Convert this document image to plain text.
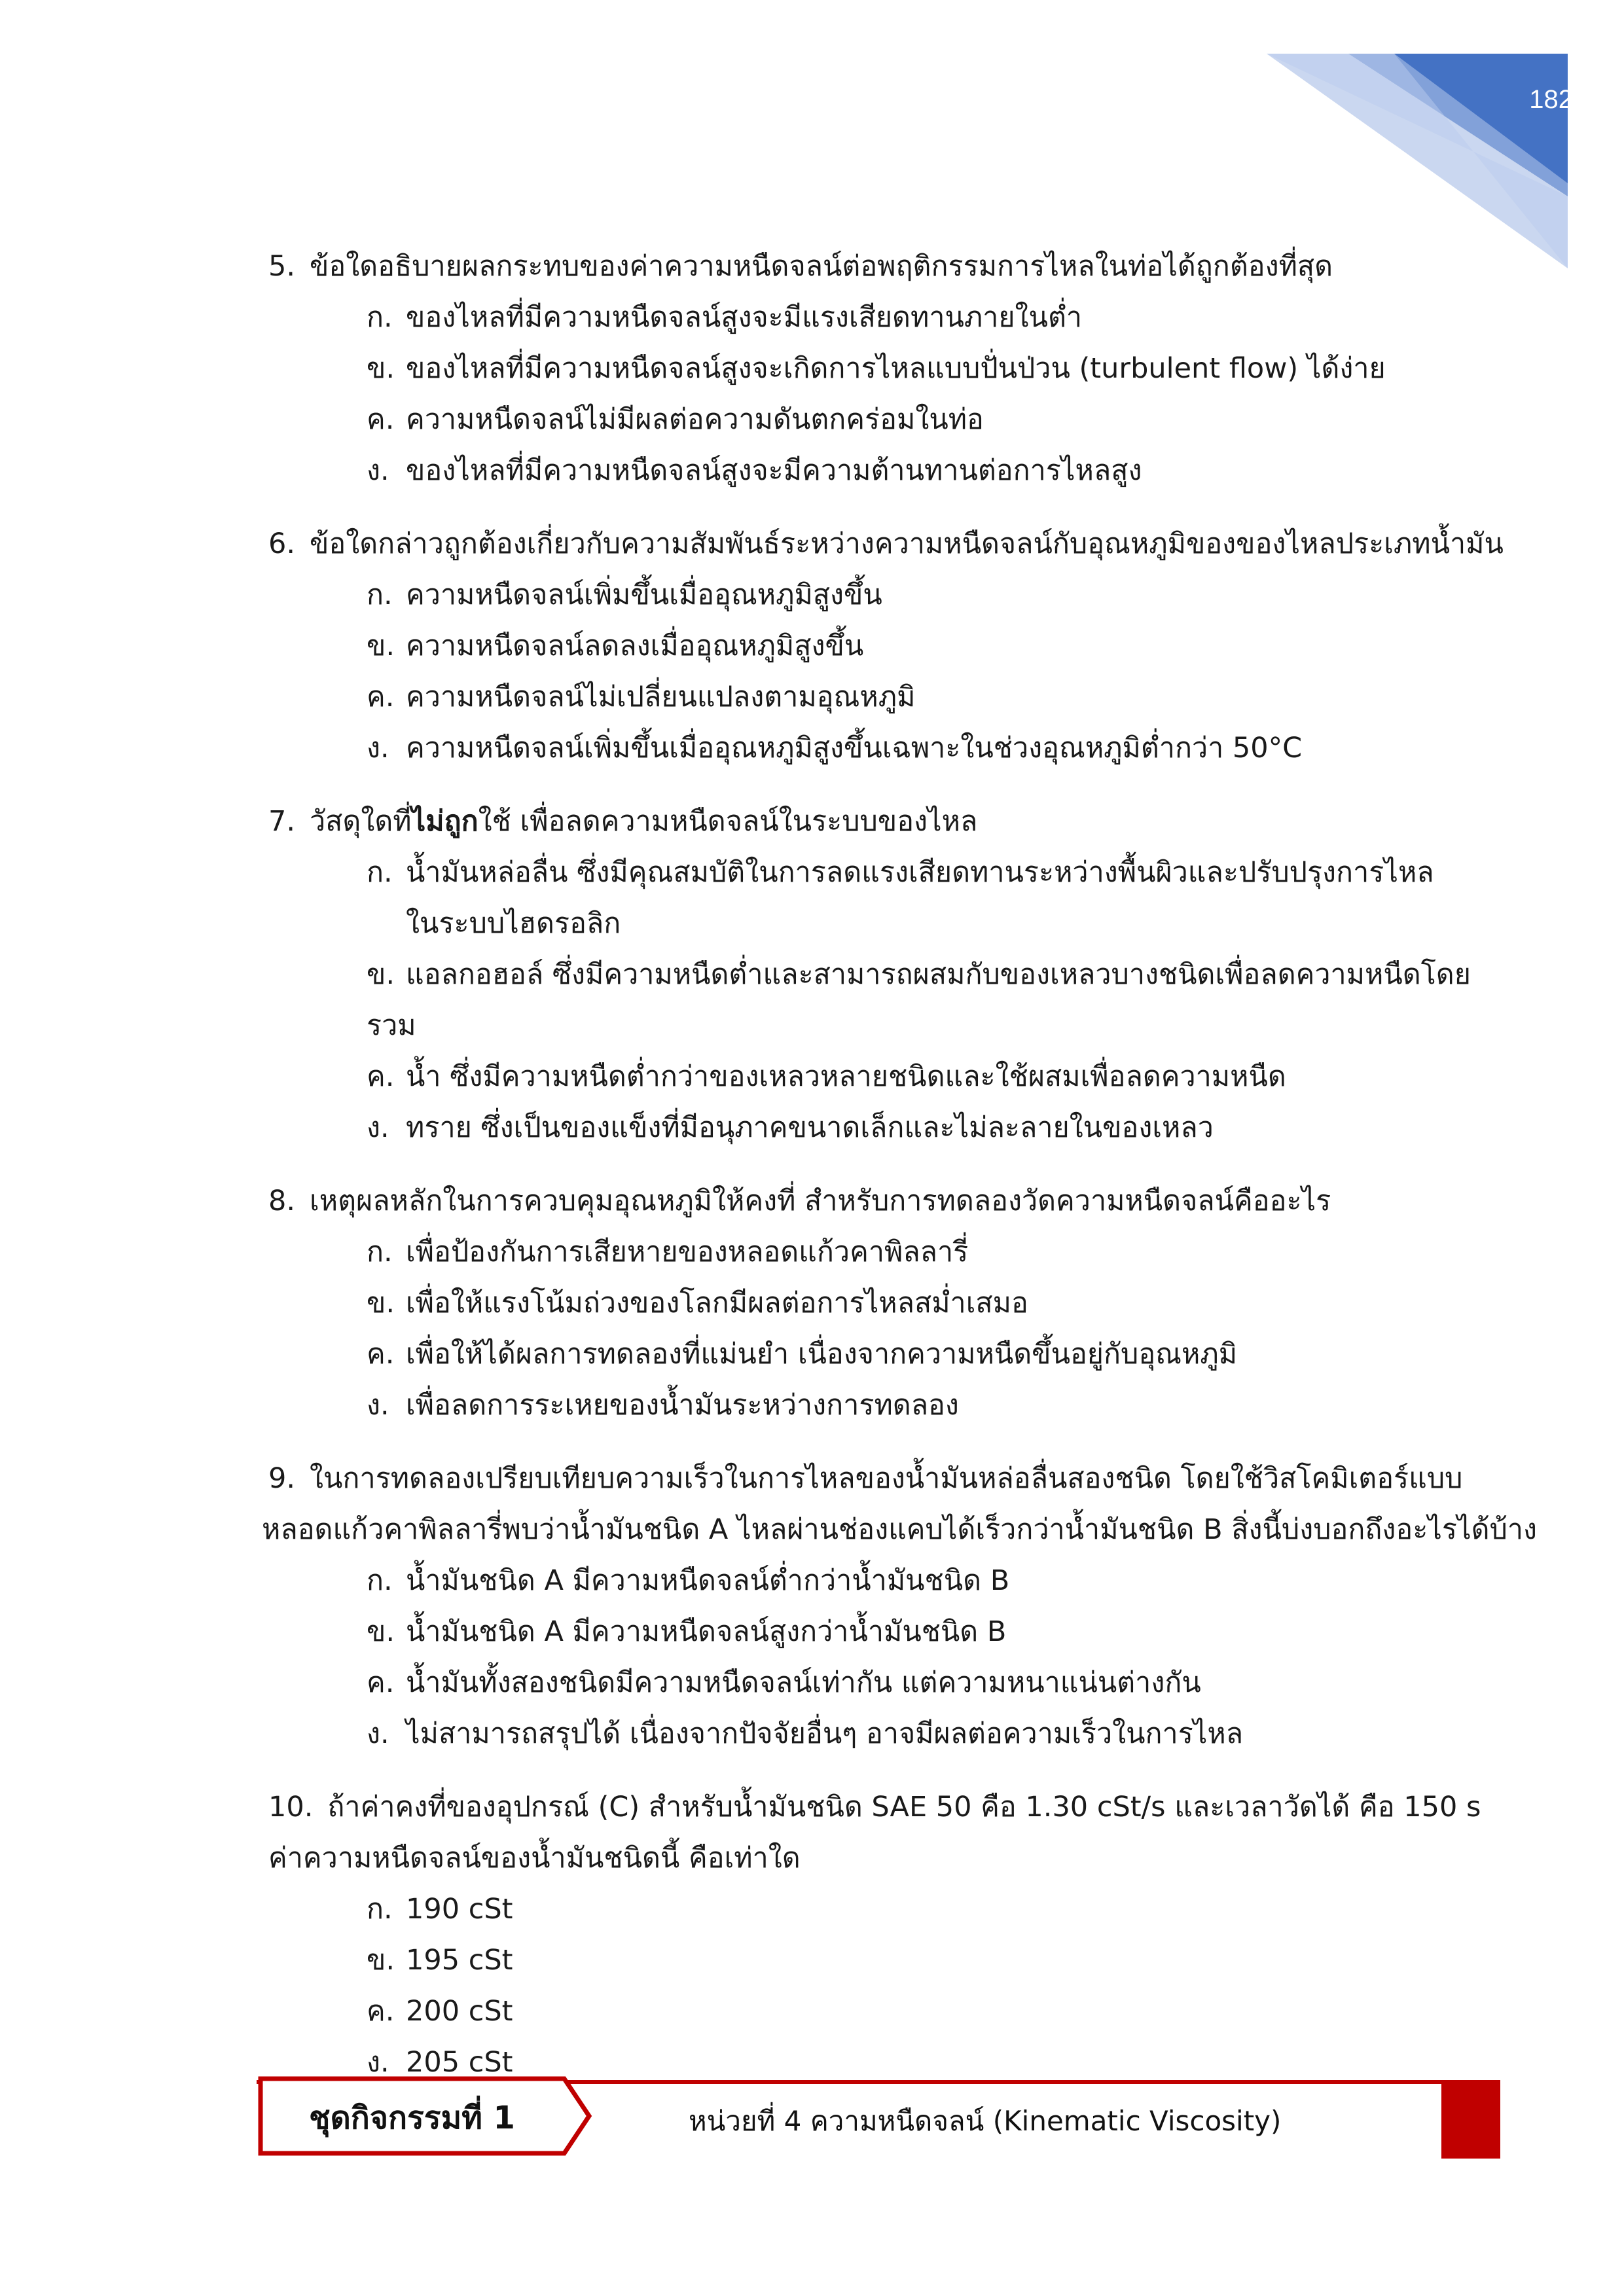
182
5. ข้อใดอธิบายผลกระทบของค่าความหนืดจลน์ต่อพฤติกรรมการไหลในท่อได้ถูกต้องที่สุด
ก. ของไหลที่มีความหนืดจลน์สูงจะมีแรงเสียดทานภายในต่ำ
ข. ของไหลที่มีความหนืดจลน์สูงจะเกิดการไหลแบบปั่นป่วน (turbulent flow) ได้ง่าย
ค. ความหนืดจลน์ไม่มีผลต่อความดันตกคร่อมในท่อ
ง. ของไหลที่มีความหนืดจลน์สูงจะมีความต้านทานต่อการไหลสูง
6. ข้อใดกล่าวถูกต้องเกี่ยวกับความสัมพันธ์ระหว่างความหนืดจลน์กับอุณหภูมิของของไหลประเภทน้ำมัน
ก. ความหนืดจลน์เพิ่มขึ้นเมื่ออุณหภูมิสูงขึ้น
ข. ความหนืดจลน์ลดลงเมื่ออุณหภูมิสูงขึ้น
ค. ความหนืดจลน์ไม่เปลี่ยนแปลงตามอุณหภูมิ
ง. ความหนืดจลน์เพิ่มขึ้นเมื่ออุณหภูมิสูงขึ้นเฉพาะในช่วงอุณหภูมิต่ำกว่า 50°C
7. วัสดุใดที่ไม่ถูกใช้ เพื่อลดความหนืดจลน์ในระบบของไหล
ก. น้ำมันหล่อลื่น ซึ่งมีคุณสมบัติในการลดแรงเสียดทานระหว่างพื้นผิวและปรับปรุงการไหล
ในระบบไฮดรอลิก
ข. แอลกอฮอล์ ซึ่งมีความหนืดต่ำและสามารถผสมกับของเหลวบางชนิดเพื่อลดความหนืดโดยรวม
ค. น้ำ ซึ่งมีความหนืดต่ำกว่าของเหลวหลายชนิดและใช้ผสมเพื่อลดความหนืด
ง. ทราย ซึ่งเป็นของแข็งที่มีอนุภาคขนาดเล็กและไม่ละลายในของเหลว
8. เหตุผลหลักในการควบคุมอุณหภูมิให้คงที่ สำหรับการทดลองวัดความหนืดจลน์คืออะไร
ก. เพื่อป้องกันการเสียหายของหลอดแก้วคาพิลลารี่
ข. เพื่อให้แรงโน้มถ่วงของโลกมีผลต่อการไหลสม่ำเสมอ
ค. เพื่อให้ได้ผลการทดลองที่แม่นยำ เนื่องจากความหนืดขึ้นอยู่กับอุณหภูมิ
ง. เพื่อลดการระเหยของน้ำมันระหว่างการทดลอง
9. ในการทดลองเปรียบเทียบความเร็วในการไหลของน้ำมันหล่อลื่นสองชนิด โดยใช้วิสโคมิเตอร์แบบ
หลอดแก้วคาพิลลารี่พบว่าน้ำมันชนิด A ไหลผ่านช่องแคบได้เร็วกว่าน้ำมันชนิด B สิ่งนี้บ่งบอกถึงอะไรได้บ้าง
ก. น้ำมันชนิด A มีความหนืดจลน์ต่ำกว่าน้ำมันชนิด B
ข. น้ำมันชนิด A มีความหนืดจลน์สูงกว่าน้ำมันชนิด B
ค. น้ำมันทั้งสองชนิดมีความหนืดจลน์เท่ากัน แต่ความหนาแน่นต่างกัน
ง. ไม่สามารถสรุปได้ เนื่องจากปัจจัยอื่นๆ อาจมีผลต่อความเร็วในการไหล
10. ถ้าค่าคงที่ของอุปกรณ์ (C) สำหรับน้ำมันชนิด SAE 50 คือ 1.30 cSt/s และเวลาวัดได้ คือ 150 s
ค่าความหนืดจลน์ของน้ำมันชนิดนี้ คือเท่าใด
ก. 190 cSt
ข. 195 cSt
ค. 200 cSt
ง. 205 cSt
ชุดกิจกรรมที่ 1	หน่วยที่ 4 ความหนืดจลน์ (Kinematic Viscosity)
